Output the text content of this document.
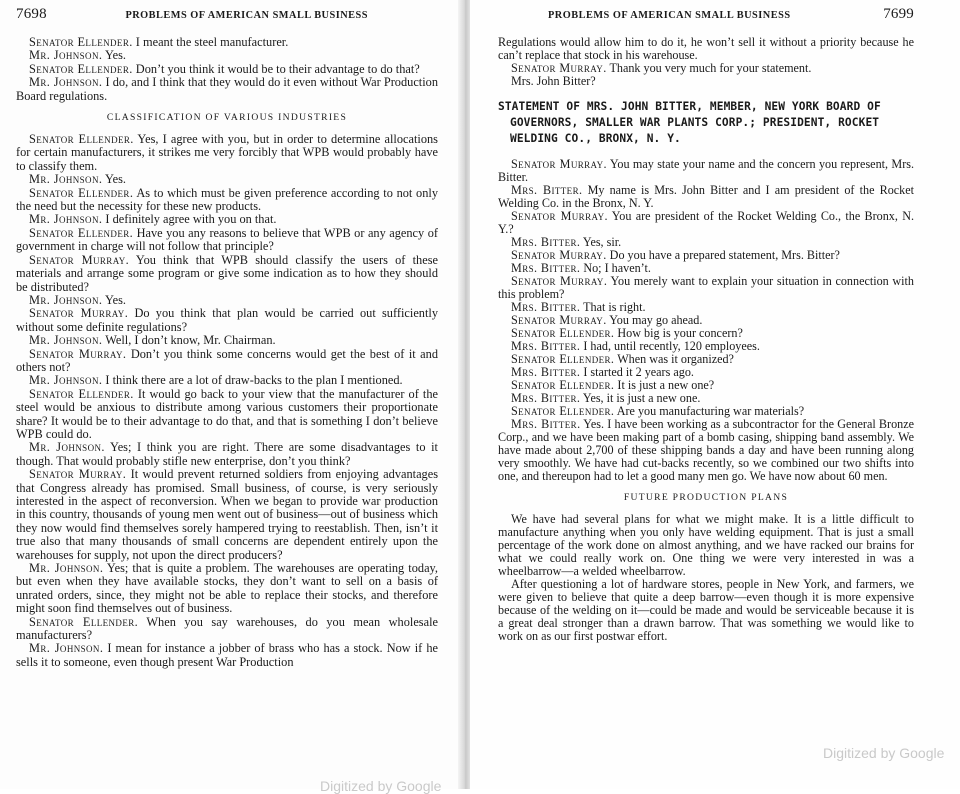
7698	PROBLEMS OF AMERICAN SMALL BUSINESS

Senator Ellender. I meant the steel manufacturer.

Mr. Johnson. Yes.

Senator Ellender. Don’t you think it would be to their advantage to do that?

Mr. Johnson. I do, and I think that they would do it even without War Production Board regulations.

CLASSIFICATION OF VARIOUS INDUSTRIES

Senator Ellender. Yes, I agree with you, but in order to determine allocations for certain manufacturers, it strikes me very forcibly that WPB would probably have to classify them.

Mr. Johnson. Yes.

Senator Ellender. As to which must be given preference according to not only the need but the necessity for these new products.

Mr. Johnson. I definitely agree with you on that.

Senator Ellender. Have you any reasons to believe that WPB or any agency of government in charge will not follow that principle?

Senator Murray. You think that WPB should classify the users of these materials and arrange some program or give some indication as to how they should be distributed?

Mr. Johnson. Yes.

Senator Murray. Do you think that plan would be carried out sufficiently without some definite regulations?

Mr. Johnson. Well, I don’t know, Mr. Chairman.

Senator Murray. Don’t you think some concerns would get the best of it and others not?

Mr. Johnson. I think there are a lot of draw-backs to the plan I mentioned.

Senator Ellender. It would go back to your view that the manufacturer of the steel would be anxious to distribute among various customers their proportionate share? It would be to their advantage to do that, and that is something I don’t believe WPB could do.

Mr. Johnson. Yes; I think you are right. There are some disadvantages to it though. That would probably stifle new enterprise, don’t you think?

Senator Murray. It would prevent returned soldiers from enjoying advantages that Congress already has promised. Small business, of course, is very seriously interested in the aspect of reconversion. When we began to provide war production in this country, thousands of young men went out of business—out of business which they now would find themselves sorely hampered trying to reestablish. Then, isn’t it true also that many thousands of small concerns are dependent entirely upon the warehouses for supply, not upon the direct producers?

Mr. Johnson. Yes; that is quite a problem. The warehouses are operating today, but even when they have available stocks, they don’t want to sell on a basis of unrated orders, since, they might not be able to replace their stocks, and therefore might soon find themselves out of business.

Senator Ellender. When you say warehouses, do you mean wholesale manufacturers?

Mr. Johnson. I mean for instance a jobber of brass who has a stock. Now if he sells it to someone, even though present War Production

PROBLEMS OF AMERICAN SMALL BUSINESS	7699

Regulations would allow him to do it, he won’t sell it without a priority because he can’t replace that stock in his warehouse.

Senator Murray. Thank you very much for your statement.

Mrs. John Bitter?

STATEMENT OF MRS. JOHN BITTER, MEMBER, NEW YORK BOARD OF GOVERNORS, SMALLER WAR PLANTS CORP.; PRESIDENT, ROCKET WELDING CO., BRONX, N. Y.

Senator Murray. You may state your name and the concern you represent, Mrs. Bitter.

Mrs. Bitter. My name is Mrs. John Bitter and I am president of the Rocket Welding Co. in the Bronx, N. Y.

Senator Murray. You are president of the Rocket Welding Co., the Bronx, N. Y.?

Mrs. Bitter. Yes, sir.

Senator Murray. Do you have a prepared statement, Mrs. Bitter?

Mrs. Bitter. No; I haven’t.

Senator Murray. You merely want to explain your situation in connection with this problem?

Mrs. Bitter. That is right.

Senator Murray. You may go ahead.

Senator Ellender. How big is your concern?

Mrs. Bitter. I had, until recently, 120 employees.

Senator Ellender. When was it organized?

Mrs. Bitter. I started it 2 years ago.

Senator Ellender. It is just a new one?

Mrs. Bitter. Yes, it is just a new one.

Senator Ellender. Are you manufacturing war materials?

Mrs. Bitter. Yes. I have been working as a subcontractor for the General Bronze Corp., and we have been making part of a bomb casing, shipping band assembly. We have made about 2,700 of these shipping bands a day and have been running along very smoothly. We have had cut-backs recently, so we combined our two shifts into one, and thereupon had to let a good many men go. We have now about 60 men.

FUTURE PRODUCTION PLANS

We have had several plans for what we might make. It is a little difficult to manufacture anything when you only have welding equipment. That is just a small percentage of the work done on almost anything, and we have racked our brains for what we could really work on. One thing we were very interested in was a wheelbarrow—a welded wheelbarrow.

After questioning a lot of hardware stores, people in New York, and farmers, we were given to believe that quite a deep barrow—even though it is more expensive because of the welding on it—could be made and would be serviceable because it is a great deal stronger than a drawn barrow. That was something we would like to work on as our first postwar effort.

Digitized by Google
Digitized by Google
